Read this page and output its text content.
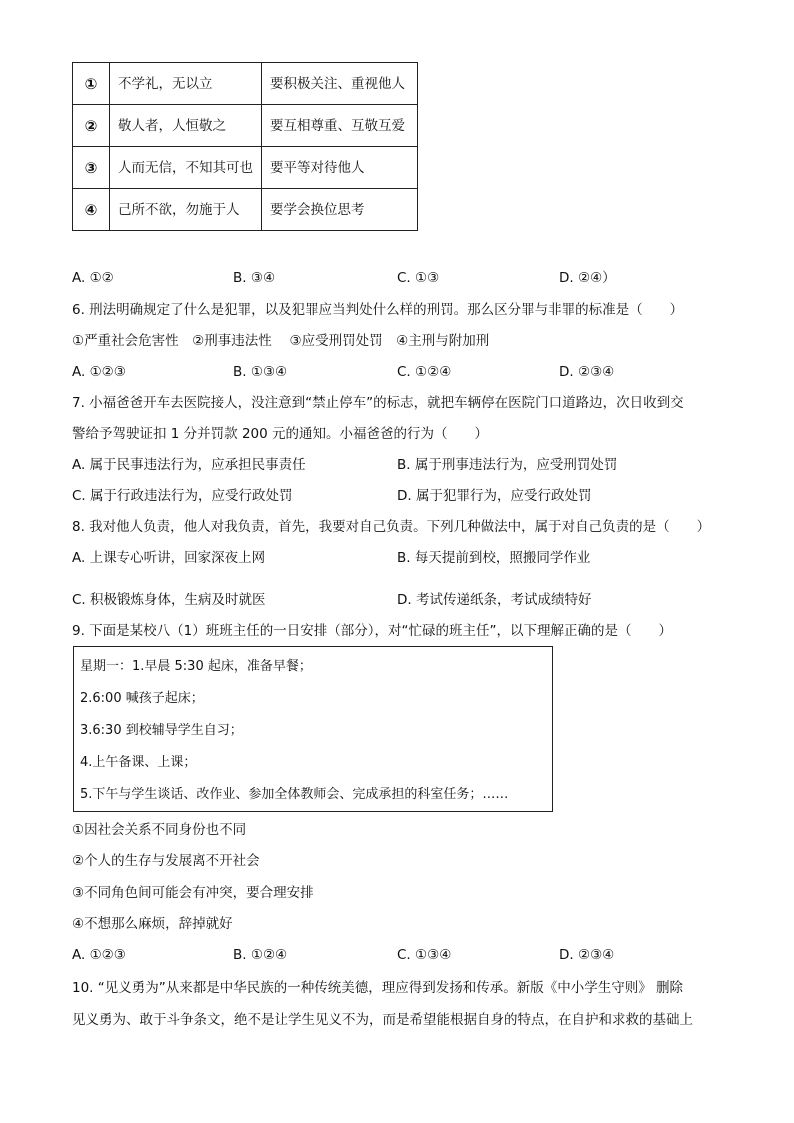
①	不学礼，无以立	要积极关注、重视他人
②	敬人者，人恒敬之	要互相尊重、互敬互爱
③	人而无信，不知其可也	要平等对待他人
④	己所不欲，勿施于人	要学会换位思考
A. ①②	B. ③④	C. ①③	D. ②④）
6. 刑法明确规定了什么是犯罪，以及犯罪应当判处什么样的刑罚。那么区分罪与非罪的标准是（　　）
①严重社会危害性　②刑事违法性　 ③应受刑罚处罚　④主刑与附加刑
A. ①②③	B. ①③④	C. ①②④	D. ②③④
7. 小福爸爸开车去医院接人，没注意到“禁止停车”的标志，就把车辆停在医院门口道路边，次日收到交
警给予驾驶证扣 1 分并罚款 200 元的通知。小福爸爸的行为（　　）
A. 属于民事违法行为，应承担民事责任	B. 属于刑事违法行为，应受刑罚处罚
C. 属于行政违法行为，应受行政处罚	D. 属于犯罪行为，应受行政处罚
8. 我对他人负责，他人对我负责，首先，我要对自己负责。下列几种做法中，属于对自己负责的是（　　）
A. 上课专心听讲，回家深夜上网	B. 每天提前到校，照搬同学作业
C. 积极锻炼身体，生病及时就医	D. 考试传递纸条，考试成绩特好
9. 下面是某校八（1）班班主任的一日安排（部分），对“忙碌的班主任”，以下理解正确的是（　　）
星期一：1.早晨 5:30 起床，准备早餐；
2.6:00 喊孩子起床；
3.6:30 到校辅导学生自习；
4.上午备课、上课；
5.下午与学生谈话、改作业、参加全体教师会、完成承担的科室任务；……
①因社会关系不同身份也不同
②个人的生存与发展离不开社会
③不同角色间可能会有冲突，要合理安排
④不想那么麻烦，辞掉就好
A. ①②③	B. ①②④	C. ①③④	D. ②③④
10. “见义勇为”从来都是中华民族的一种传统美德，理应得到发扬和传承。新版《中小学生守则》 删除
见义勇为、敢于斗争条文，绝不是让学生见义不为，而是希望能根据自身的特点，在自护和求救的基础上
